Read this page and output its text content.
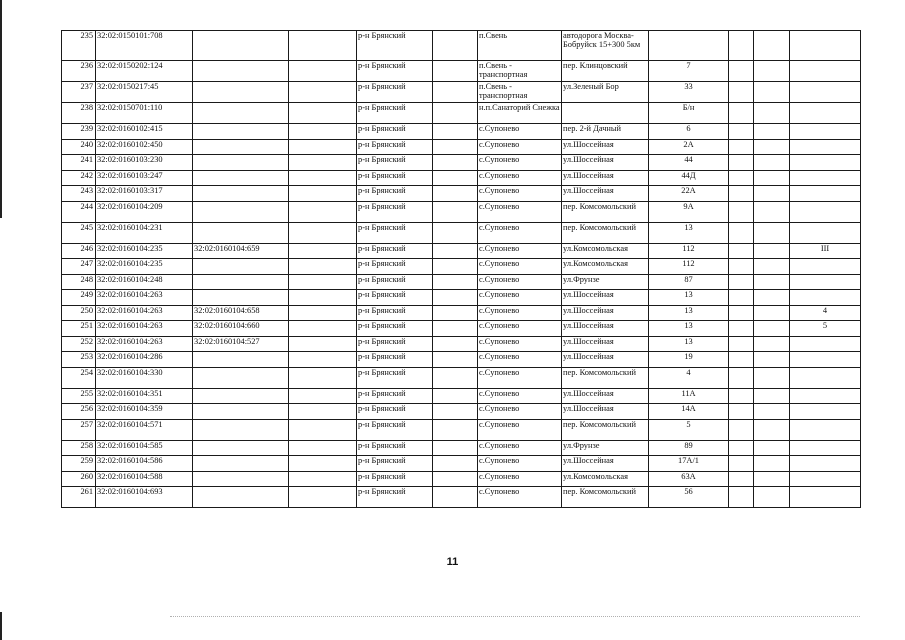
235	32:02:0150101:708			р-н Брянский		п.Свень	автодорога Москва-Бобруйск 15+300 5км				
236	32:02:0150202:124			р-н Брянский		п.Свень - транспортная	пер. Клинцовский	7			
237	32:02:0150217:45			р-н Брянский		п.Свень - транспортная	ул.Зеленый Бор	33			
238	32:02:0150701:110			р-н Брянский		н.п.Санаторий Снежка		Б/н			
239	32:02:0160102:415			р-н Брянский		с.Супонево	пер. 2-й Дачный	6			
240	32:02:0160102:450			р-н Брянский		с.Супонево	ул.Шоссейная	2А			
241	32:02:0160103:230			р-н Брянский		с.Супонево	ул.Шоссейная	44			
242	32:02:0160103:247			р-н Брянский		с.Супонево	ул.Шоссейная	44Д			
243	32:02:0160103:317			р-н Брянский		с.Супонево	ул.Шоссейная	22А			
244	32:02:0160104:209			р-н Брянский		с.Супонево	пер. Комсомольский	9А			
245	32:02:0160104:231			р-н Брянский		с.Супонево	пер. Комсомольский	13			
246	32:02:0160104:235	32:02:0160104:659		р-н Брянский		с.Супонево	ул.Комсомольская	112			III
247	32:02:0160104:235			р-н Брянский		с.Супонево	ул.Комсомольская	112			
248	32:02:0160104:248			р-н Брянский		с.Супонево	ул.Фрунзе	87			
249	32:02:0160104:263			р-н Брянский		с.Супонево	ул.Шоссейная	13			
250	32:02:0160104:263	32:02:0160104:658		р-н Брянский		с.Супонево	ул.Шоссейная	13			4
251	32:02:0160104:263	32:02:0160104:660		р-н Брянский		с.Супонево	ул.Шоссейная	13			5
252	32:02:0160104:263	32:02:0160104:527		р-н Брянский		с.Супонево	ул.Шоссейная	13			
253	32:02:0160104:286			р-н Брянский		с.Супонево	ул.Шоссейная	19			
254	32:02:0160104:330			р-н Брянский		с.Супонево	пер. Комсомольский	4			
255	32:02:0160104:351			р-н Брянский		с.Супонево	ул.Шоссейная	11А			
256	32:02:0160104:359			р-н Брянский		с.Супонево	ул.Шоссейная	14А			
257	32:02:0160104:571			р-н Брянский		с.Супонево	пер. Комсомольский	5			
258	32:02:0160104:585			р-н Брянский		с.Супонево	ул.Фрунзе	89			
259	32:02:0160104:586			р-н Брянский		с.Супонево	ул.Шоссейная	17А/1			
260	32:02:0160104:588			р-н Брянский		с.Супонево	ул.Комсомольская	63А			
261	32:02:0160104:693			р-н Брянский		с.Супонево	пер. Комсомольский	56			
11
